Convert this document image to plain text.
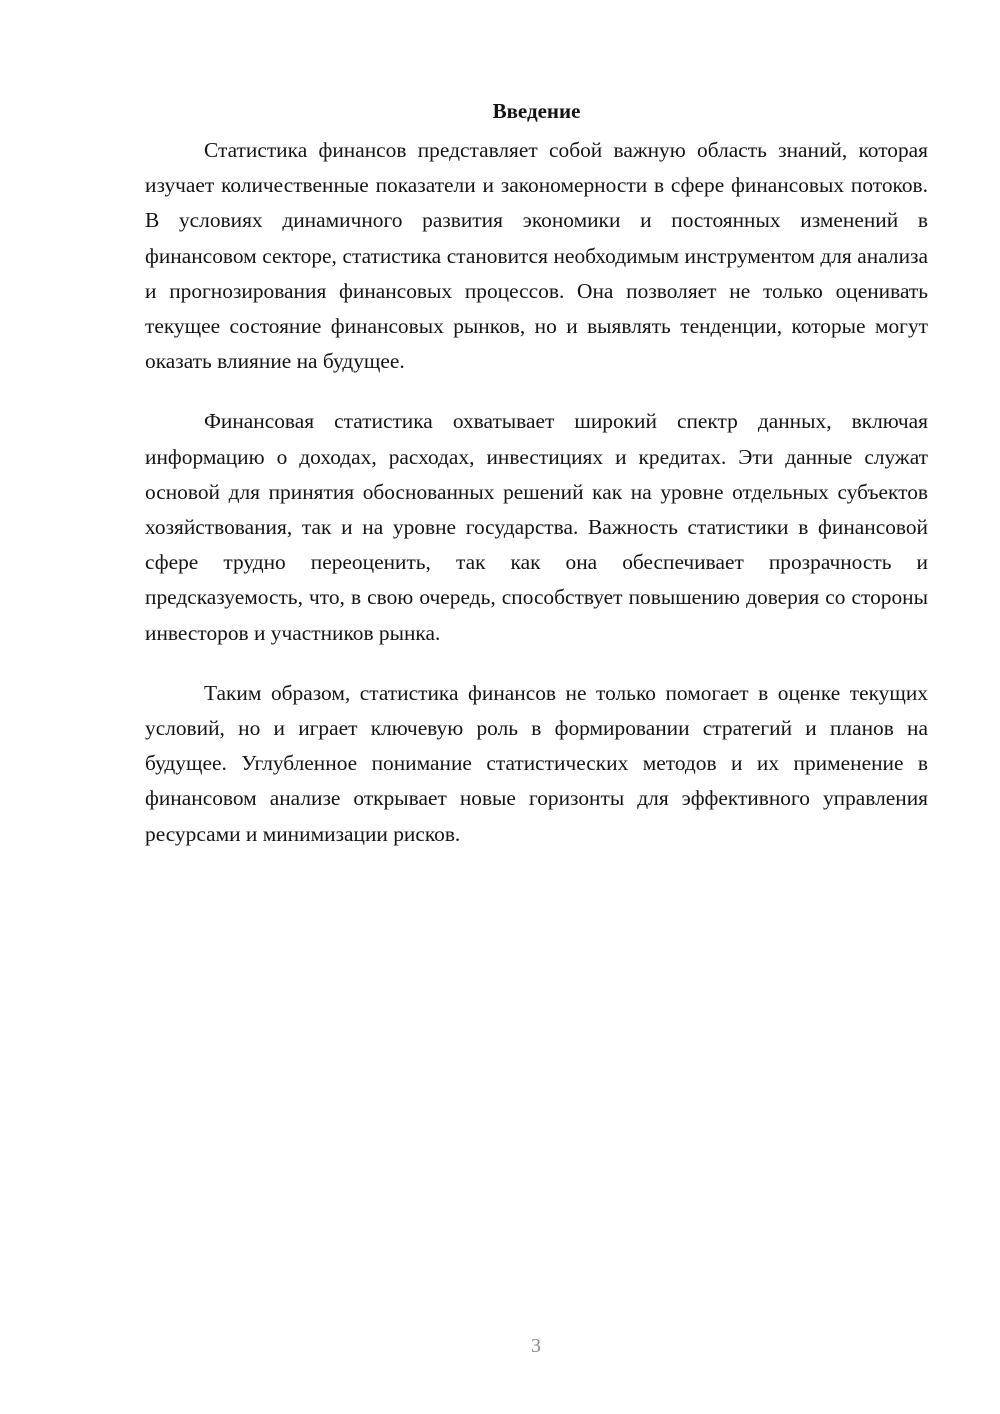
Введение

Статистика финансов представляет собой важную область знаний, которая изучает количественные показатели и закономерности в сфере финансовых потоков. В условиях динамичного развития экономики и постоянных изменений в финансовом секторе, статистика становится необходимым инструментом для анализа и прогнозирования финансовых процессов. Она позволяет не только оценивать текущее состояние финансовых рынков, но и выявлять тенденции, которые могут оказать влияние на будущее.

Финансовая статистика охватывает широкий спектр данных, включая информацию о доходах, расходах, инвестициях и кредитах. Эти данные служат основой для принятия обоснованных решений как на уровне отдельных субъектов хозяйствования, так и на уровне государства. Важность статистики в финансовой сфере трудно переоценить, так как она обеспечивает прозрачность и предсказуемость, что, в свою очередь, способствует повышению доверия со стороны инвесторов и участников рынка.

Таким образом, статистика финансов не только помогает в оценке текущих условий, но и играет ключевую роль в формировании стратегий и планов на будущее. Углубленное понимание статистических методов и их применение в финансовом анализе открывает новые горизонты для эффективного управления ресурсами и минимизации рисков.

3
